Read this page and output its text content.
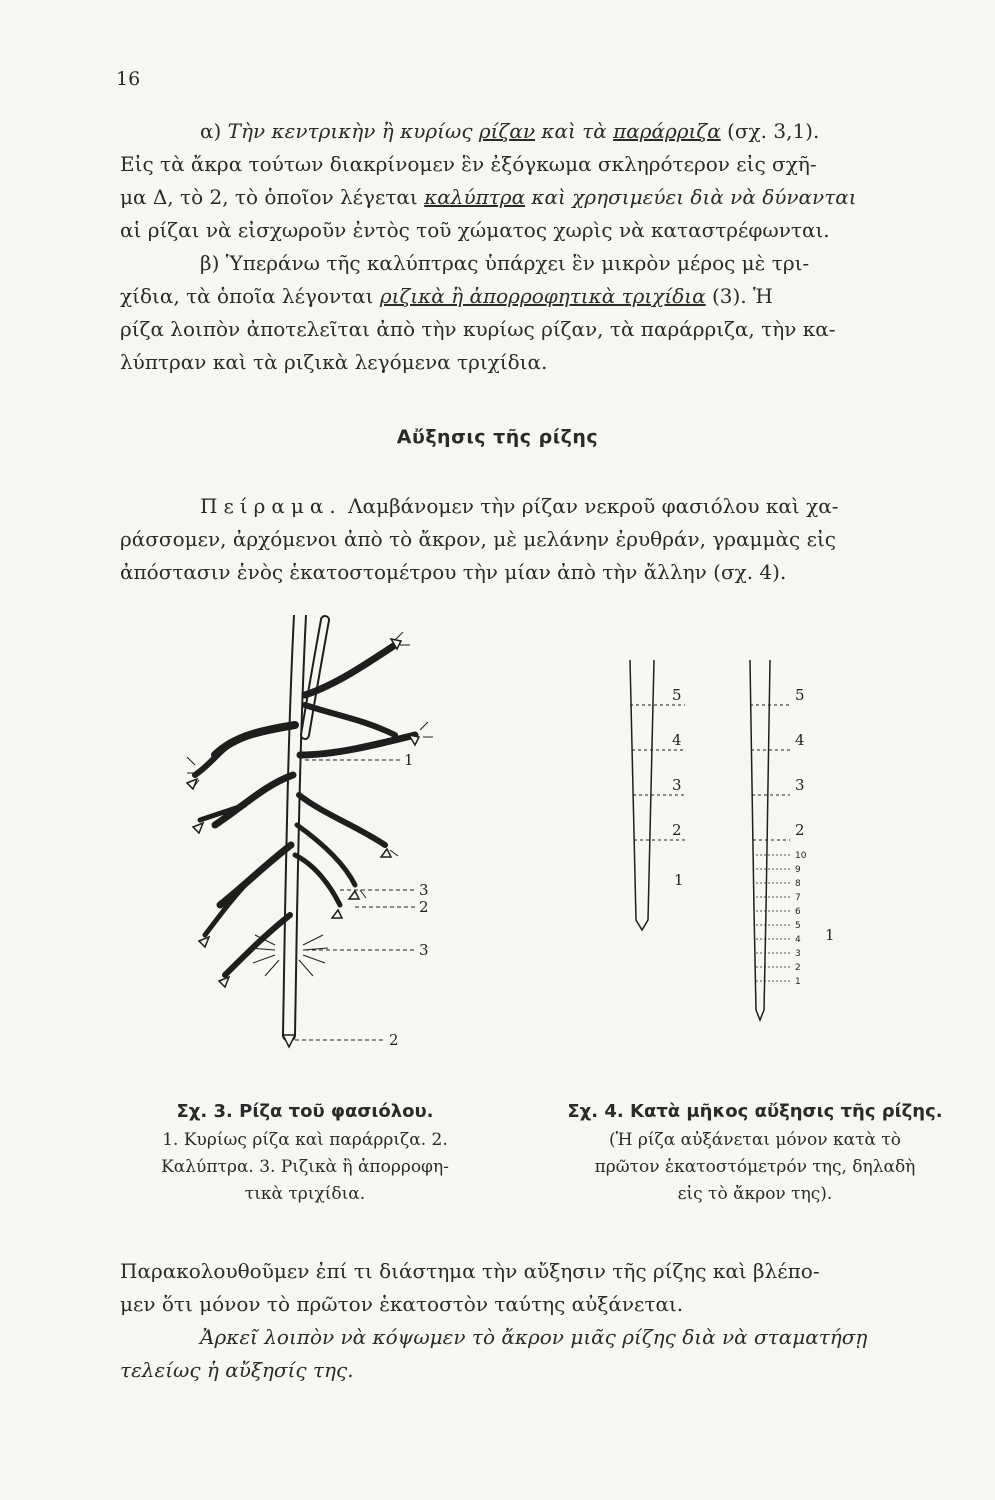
16
α) Τὴν κεντρικὴν ἢ κυρίως ρίζαν καὶ τὰ παράρριζα (σχ. 3,1).
Εἰς τὰ ἄκρα τούτων διακρίνομεν ἓν ἐξόγκωμα σκληρότερον εἰς σχῆ-
μα Δ, τὸ 2, τὸ ὁποῖον λέγεται καλύπτρα καὶ χρησιμεύει διὰ νὰ δύνανται
αἱ ρίζαι νὰ εἰσχωροῦν ἐντὸς τοῦ χώματος χωρὶς νὰ καταστρέφωνται.
β) Ὑπεράνω τῆς καλύπτρας ὑπάρχει ἓν μικρὸν μέρος μὲ τρι-
χίδια, τὰ ὁποῖα λέγονται ριζικὰ ἢ ἀπορροφητικὰ τριχίδια (3). Ἡ
ρίζα λοιπὸν ἀποτελεῖται ἀπὸ τὴν κυρίως ρίζαν, τὰ παράρριζα, τὴν κα-
λύπτραν καὶ τὰ ριζικὰ λεγόμενα τριχίδια.
Αὔξησις τῆς ρίζης
Πείραμα. Λαμβάνομεν τὴν ρίζαν νεκροῦ φασιόλου καὶ χα-
ράσσομεν, ἀρχόμενοι ἀπὸ τὸ ἄκρον, μὲ μελάνην ἐρυθράν, γραμμὰς εἰς
ἀπόστασιν ἑνὸς ἑκατοστομέτρου τὴν μίαν ἀπὸ τὴν ἄλλην (σχ. 4).
1
3
2
3
2
5
4
3
2
1
5
4
3
2
10
9
8
7
6
5
4
3
2
1
1
Σχ. 3. Ρίζα τοῦ φασιόλου.
1. Κυρίως ρίζα καὶ παράρριζα. 2.
Καλύπτρα. 3. Ριζικὰ ἢ ἀπορροφη-
τικὰ τριχίδια.
Σχ. 4. Κατὰ μῆκος αὔξησις τῆς ρίζης.
(Ἡ ρίζα αὐξάνεται μόνον κατὰ τὸ
πρῶτον ἑκατοστόμετρόν της, δηλαδὴ
εἰς τὸ ἄκρον της).
Παρακολουθοῦμεν ἐπί τι διάστημα τὴν αὔξησιν τῆς ρίζης καὶ βλέπο-
μεν ὅτι μόνον τὸ πρῶτον ἑκατοστὸν ταύτης αὐξάνεται.
Ἀρκεῖ λοιπὸν νὰ κόψωμεν τὸ ἄκρον μιᾶς ρίζης διὰ νὰ σταματήσῃ
τελείως ἡ αὔξησίς της.
